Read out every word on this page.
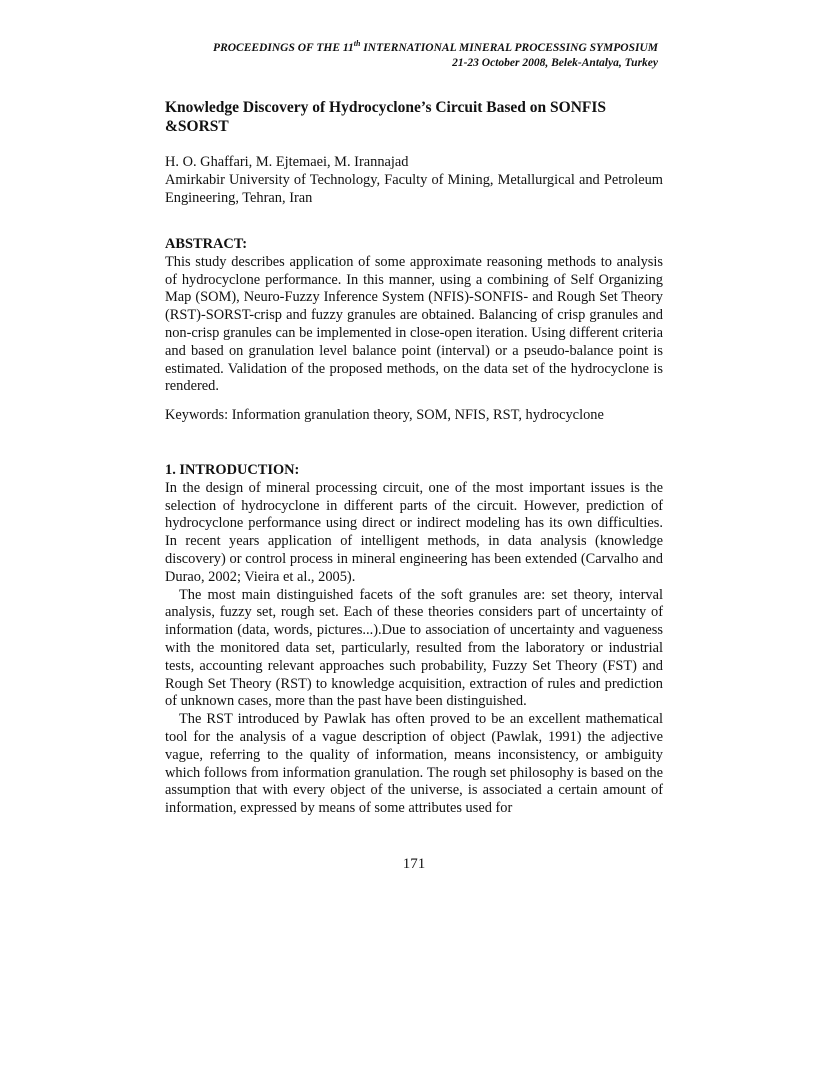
PROCEEDINGS OF THE 11th INTERNATIONAL MINERAL PROCESSING SYMPOSIUM
21-23 October 2008, Belek-Antalya, Turkey
Knowledge Discovery of Hydrocyclone’s Circuit Based on SONFIS
&SORST

H. O. Ghaffari, M. Ejtemaei, M. Irannajad

Amirkabir University of Technology, Faculty of Mining, Metallurgical and Petroleum Engineering, Tehran, Iran

ABSTRACT:

This study describes application of some approximate reasoning methods to analysis of hydrocyclone performance. In this manner, using a combining of Self Organizing Map (SOM), Neuro-Fuzzy Inference System (NFIS)-SONFIS- and Rough Set Theory (RST)-SORST-crisp and fuzzy granules are obtained. Balancing of crisp granules and non-crisp granules can be implemented in close-open iteration. Using different criteria and based on granulation level balance point (interval) or a pseudo-balance point is estimated. Validation of the proposed methods, on the data set of the hydrocyclone is rendered.

Keywords: Information granulation theory, SOM, NFIS, RST, hydrocyclone

1. INTRODUCTION:

In the design of mineral processing circuit, one of the most important issues is the selection of hydrocyclone in different parts of the circuit. However, prediction of hydrocyclone performance using direct or indirect modeling has its own difficulties. In recent years application of intelligent methods, in data analysis (knowledge discovery) or control process in mineral engineering has been extended (Carvalho and Durao, 2002; Vieira et al., 2005).

The most main distinguished facets of the soft granules are: set theory, interval analysis, fuzzy set, rough set. Each of these theories considers part of uncertainty of information (data, words, pictures...).Due to association of uncertainty and vagueness with the monitored data set, particularly, resulted from the laboratory or industrial tests, accounting relevant approaches such probability, Fuzzy Set Theory (FST) and Rough Set Theory (RST) to knowledge acquisition, extraction of rules and prediction of unknown cases, more than the past have been distinguished.

The RST introduced by Pawlak has often proved to be an excellent mathematical tool for the analysis of a vague description of object (Pawlak, 1991) the adjective vague, referring to the quality of information, means inconsistency, or ambiguity which follows from information granulation. The rough set philosophy is based on the assumption that with every object of the universe, is associated a certain amount of information, expressed by means of some attributes used for

171
